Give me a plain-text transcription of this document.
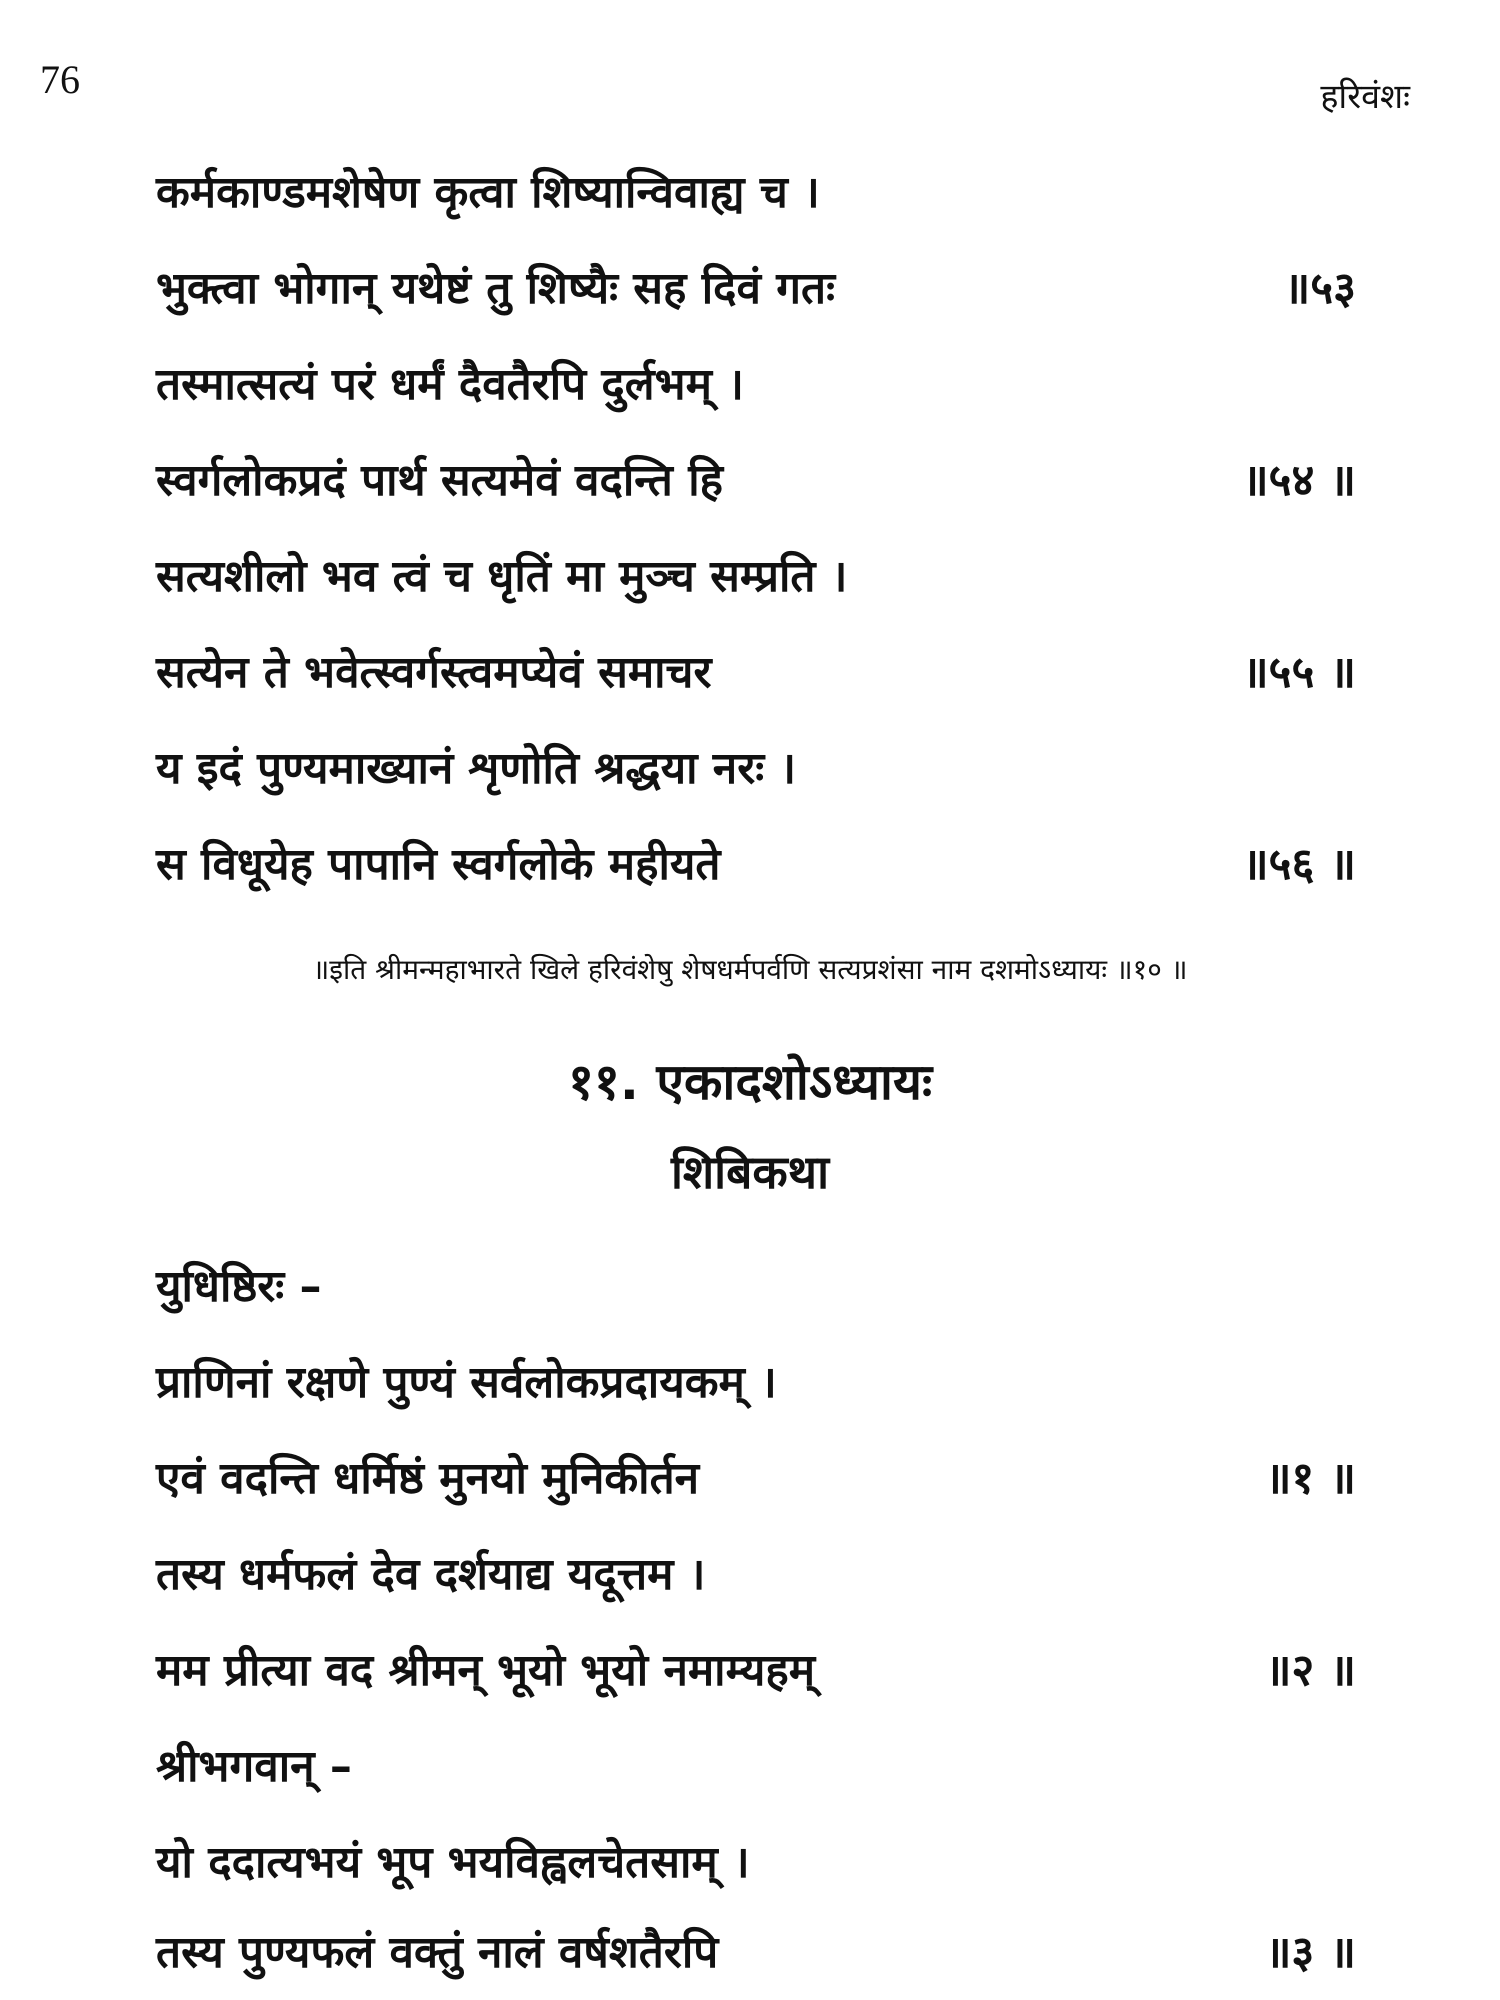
76	हरिवंशः
कर्मकाण्डमशेषेण कृत्वा शिष्यान्विवाह्य च ।
भुक्त्वा भोगान् यथेष्टं तु शिष्यैः सह दिवं गतः	॥५३
तस्मात्सत्यं परं धर्मं दैवतैरपि दुर्लभम् ।
स्वर्गलोकप्रदं पार्थ सत्यमेवं वदन्ति हि	॥५४ ॥
सत्यशीलो भव त्वं च धृतिं मा मुञ्च सम्प्रति ।
सत्येन ते भवेत्स्वर्गस्त्वमप्येवं समाचर	॥५५ ॥
य इदं पुण्यमाख्यानं शृणोति श्रद्धया नरः ।
स विधूयेह पापानि स्वर्गलोके महीयते	॥५६ ॥
॥इति श्रीमन्महाभारते खिले हरिवंशेषु शेषधर्मपर्वणि सत्यप्रशंसा नाम दशमोऽध्यायः ॥१० ॥
११. एकादशोऽध्यायः
शिबिकथा
युधिष्ठिरः –
प्राणिनां रक्षणे पुण्यं सर्वलोकप्रदायकम् ।
एवं वदन्ति धर्मिष्ठं मुनयो मुनिकीर्तन	॥१ ॥
तस्य धर्मफलं देव दर्शयाद्य यदूत्तम ।
मम प्रीत्या वद श्रीमन् भूयो भूयो नमाम्यहम्	॥२ ॥
श्रीभगवान् –
यो ददात्यभयं भूप भयविह्वलचेतसाम् ।
तस्य पुण्यफलं वक्तुं नालं वर्षशतैरपि	॥३ ॥
